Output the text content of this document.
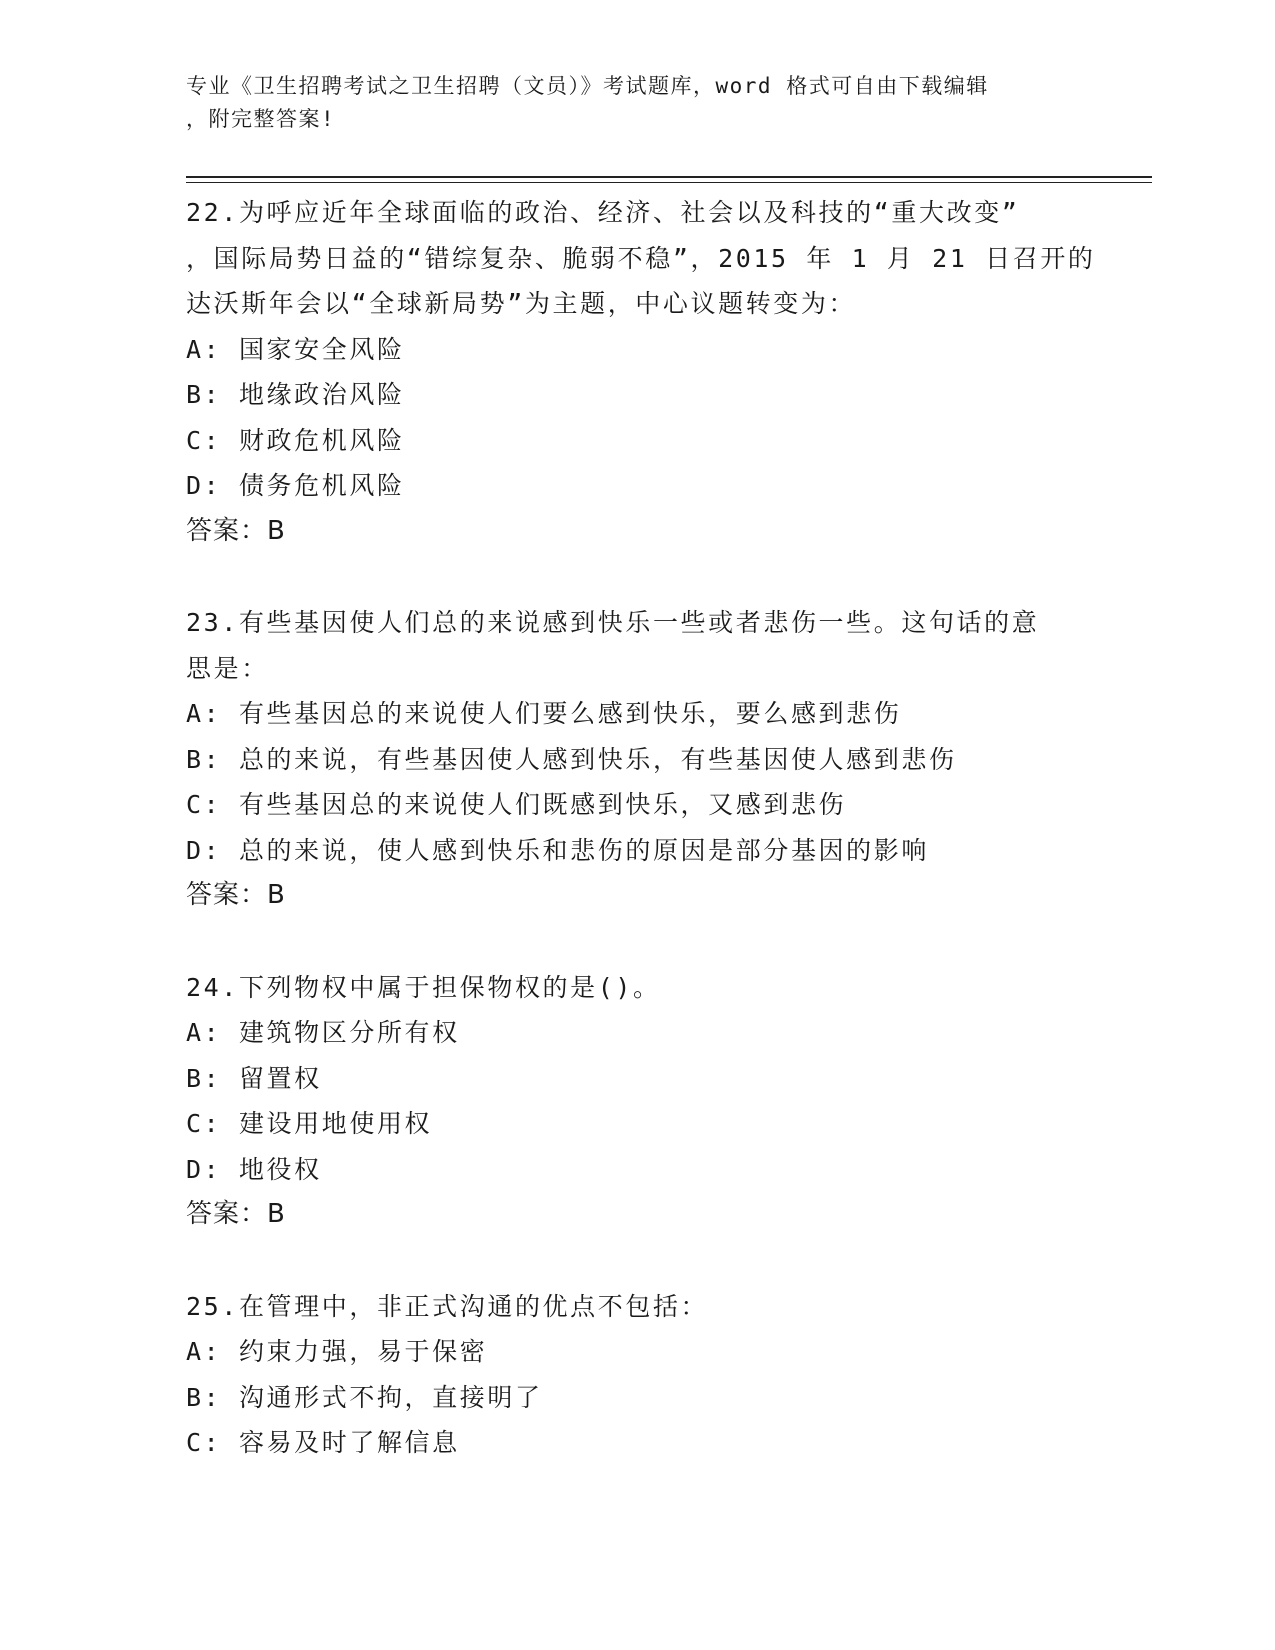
专业《卫生招聘考试之卫生招聘（文员）》考试题库，word 格式可自由下载编辑
，附完整答案!
22.为呼应近年全球面临的政治、经济、社会以及科技的“重大改变”
，国际局势日益的“错综复杂、脆弱不稳”，2015 年 1 月 21 日召开的
达沃斯年会以“全球新局势”为主题，中心议题转变为：
A: 国家安全风险
B: 地缘政治风险
C: 财政危机风险
D: 债务危机风险
答案：B
23.有些基因使人们总的来说感到快乐一些或者悲伤一些。这句话的意
思是：
A: 有些基因总的来说使人们要么感到快乐，要么感到悲伤
B: 总的来说，有些基因使人感到快乐，有些基因使人感到悲伤
C: 有些基因总的来说使人们既感到快乐，又感到悲伤
D: 总的来说，使人感到快乐和悲伤的原因是部分基因的影响
答案：B
24.下列物权中属于担保物权的是()。
A: 建筑物区分所有权
B: 留置权
C: 建设用地使用权
D: 地役权
答案：B
25.在管理中，非正式沟通的优点不包括：
A: 约束力强，易于保密
B: 沟通形式不拘，直接明了
C: 容易及时了解信息
